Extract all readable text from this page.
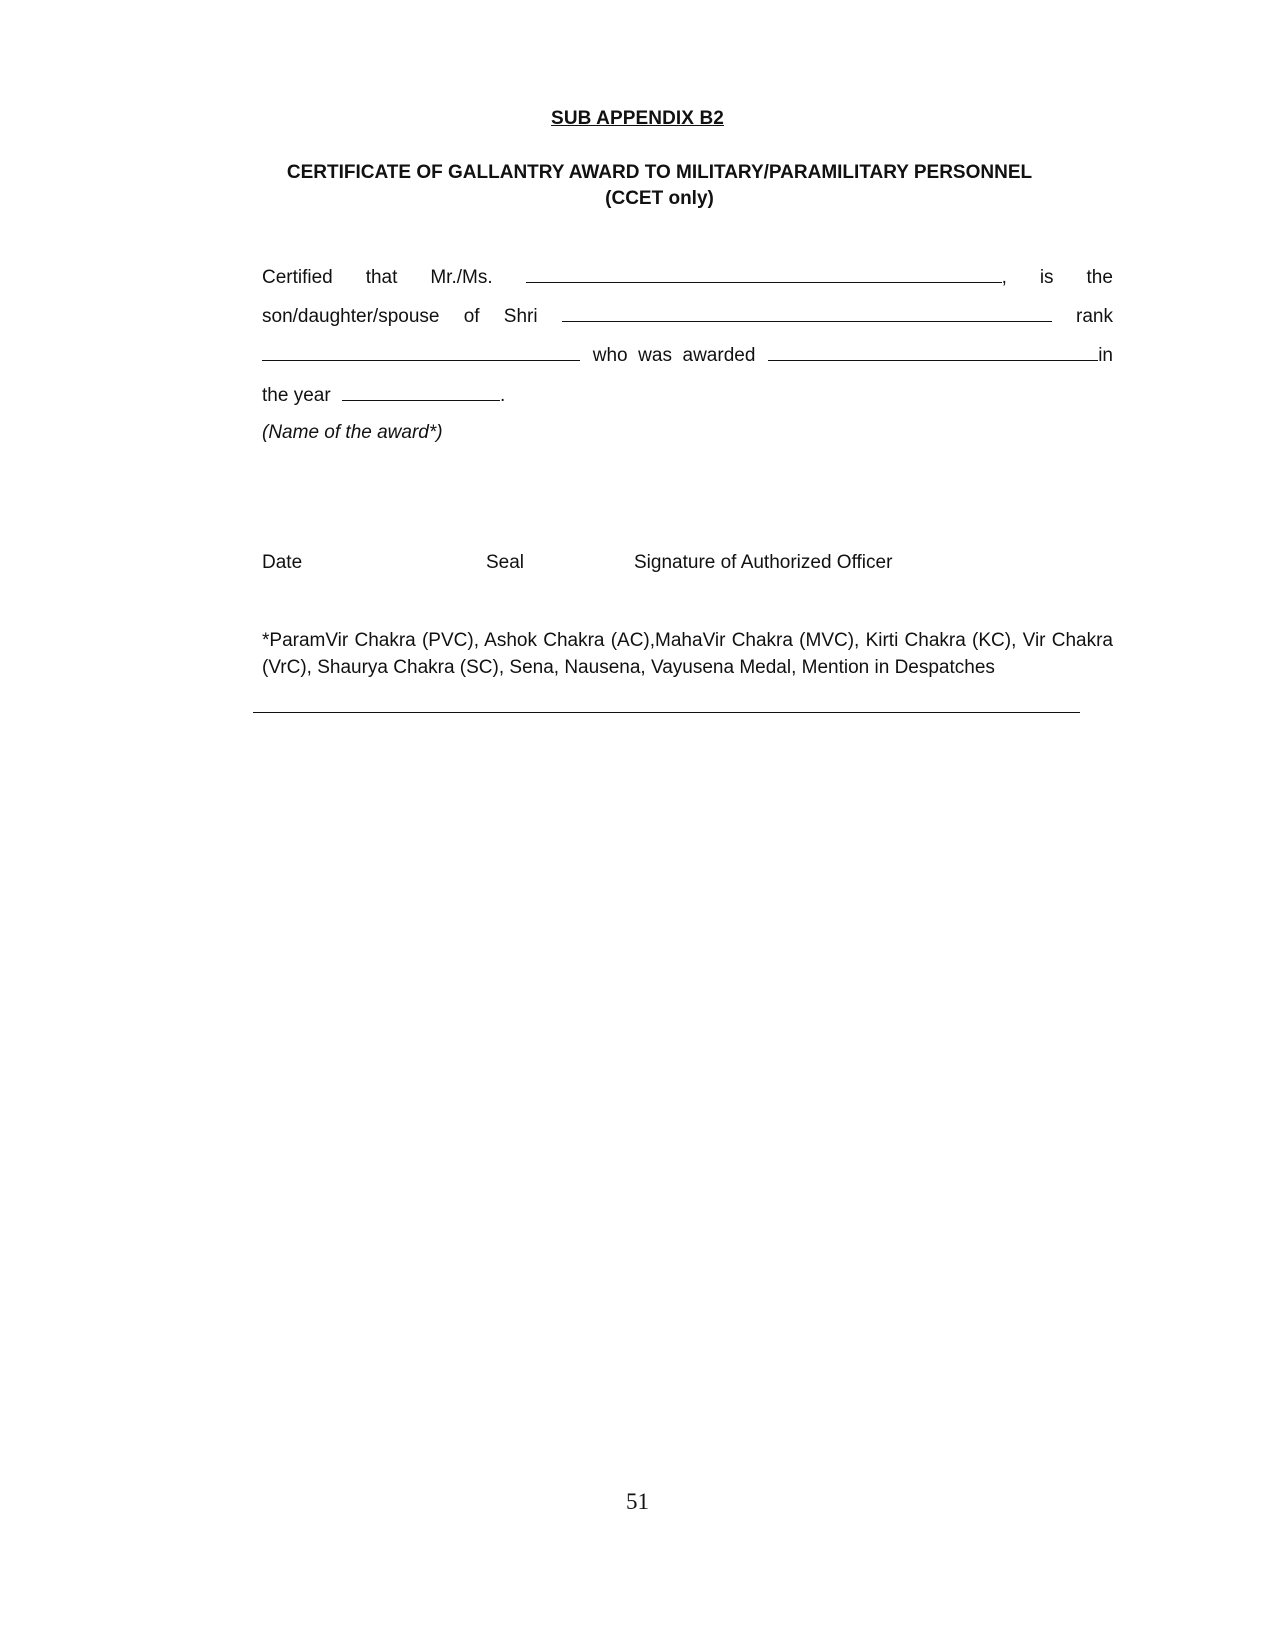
SUB APPENDIX B2
CERTIFICATE OF GALLANTRY AWARD TO MILITARY/PARAMILITARY PERSONNEL (CCET only)
Certified that Mr./Ms.	, is the
son/daughter/spouse of Shri	rank
who  was  awarded	in
the year	.
(Name of the award*)
Date	Seal	Signature of Authorized Officer
*ParamVir Chakra (PVC), Ashok Chakra (AC),MahaVir Chakra (MVC), Kirti Chakra (KC), Vir Chakra (VrC), Shaurya Chakra (SC), Sena, Nausena, Vayusena Medal, Mention in Despatches
51
